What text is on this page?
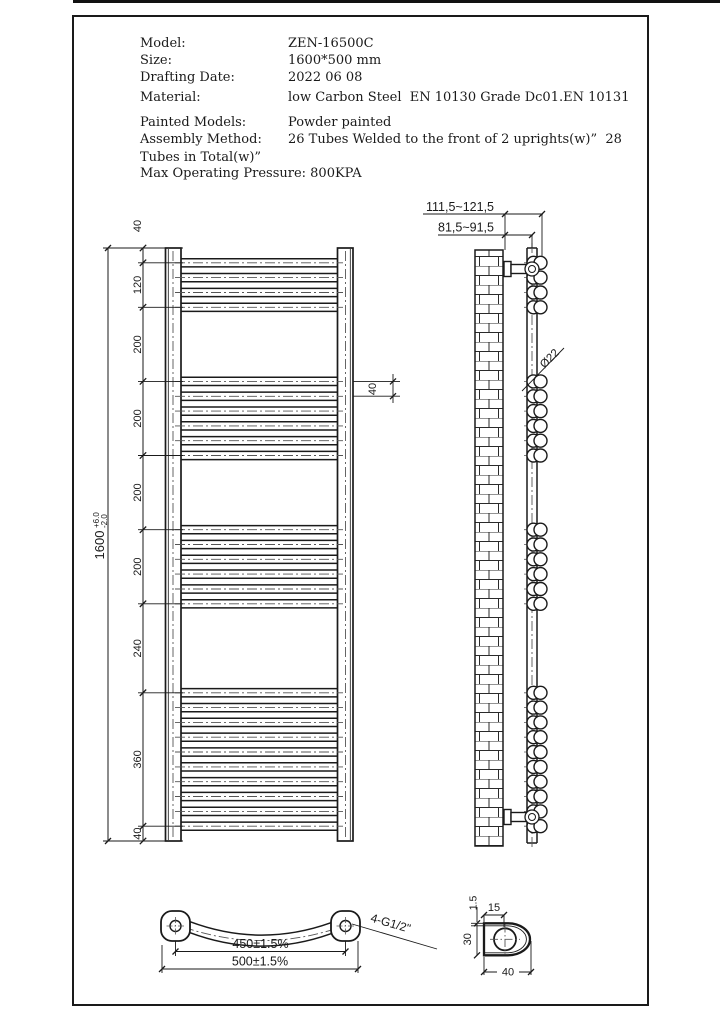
Model:	ZEN-16500C
Size:	1600*500 mm
Drafting Date:	2022 06 08
Material:	low Carbon Steel  EN 10130 Grade Dc01.EN 10131
Painted Models:	Powder painted
Assembly Method: 26 Tubes Welded to the front of 2 uprights(w)”  28
Tubes in Total(w)”
Max Operating Pressure: 800KPA
40
120
200
200
200
200
240
360
40
1600
+6.0 -2.0
40
111,5~121,5
81,5~91,5
Ø22
450±1.5%
500±1.5%
4-G1/2"
15
1.5
30
40
